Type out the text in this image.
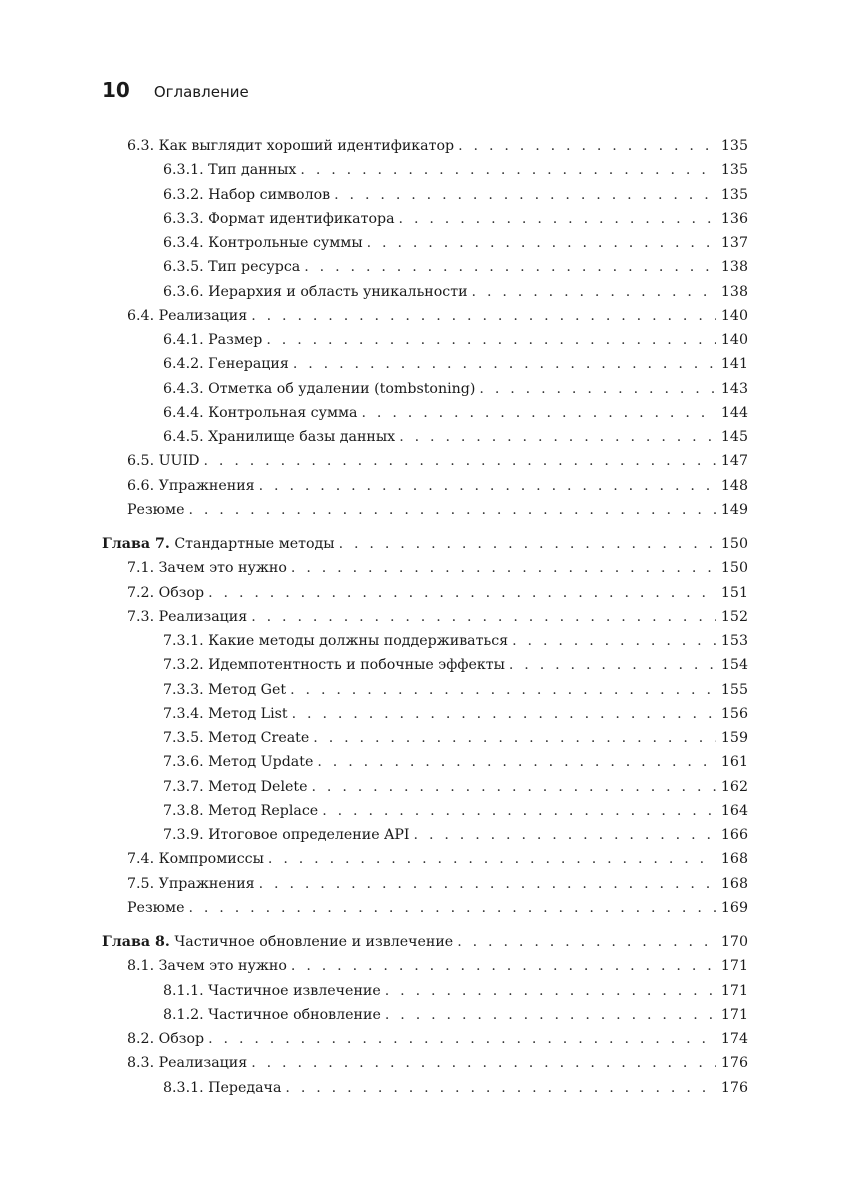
10 Оглавление
6.3. Как выглядит хороший идентификатор . . .	135
6.3.1. Тип данных . . .	135
6.3.2. Набор символов . . .	135
6.3.3. Формат идентификатора . . .	136
6.3.4. Контрольные суммы . . .	137
6.3.5. Тип ресурса . . .	138
6.3.6. Иерархия и область уникальности . . .	138
6.4. Реализация . . .	140
6.4.1. Размер . . .	140
6.4.2. Генерация . . .	141
6.4.3. Отметка об удалении (tombstoning) . . .	143
6.4.4. Контрольная сумма . . .	144
6.4.5. Хранилище базы данных . . .	145
6.5. UUID . . .	147
6.6. Упражнения . . .	148
Резюме . . .	149
Глава 7. Стандартные методы . . .	150
7.1. Зачем это нужно . . .	150
7.2. Обзор . . .	151
7.3. Реализация . . .	152
7.3.1. Какие методы должны поддерживаться . . .	153
7.3.2. Идемпотентность и побочные эффекты . . .	154
7.3.3. Метод Get . . .	155
7.3.4. Метод List . . .	156
7.3.5. Метод Create . . .	159
7.3.6. Метод Update . . .	161
7.3.7. Метод Delete . . .	162
7.3.8. Метод Replace . . .	164
7.3.9. Итоговое определение API . . .	166
7.4. Компромиссы . . .	168
7.5. Упражнения . . .	168
Резюме . . .	169
Глава 8. Частичное обновление и извлечение . . .	170
8.1. Зачем это нужно . . .	171
8.1.1. Частичное извлечение . . .	171
8.1.2. Частичное обновление . . .	171
8.2. Обзор . . .	174
8.3. Реализация . . .	176
8.3.1. Передача . . .	176
